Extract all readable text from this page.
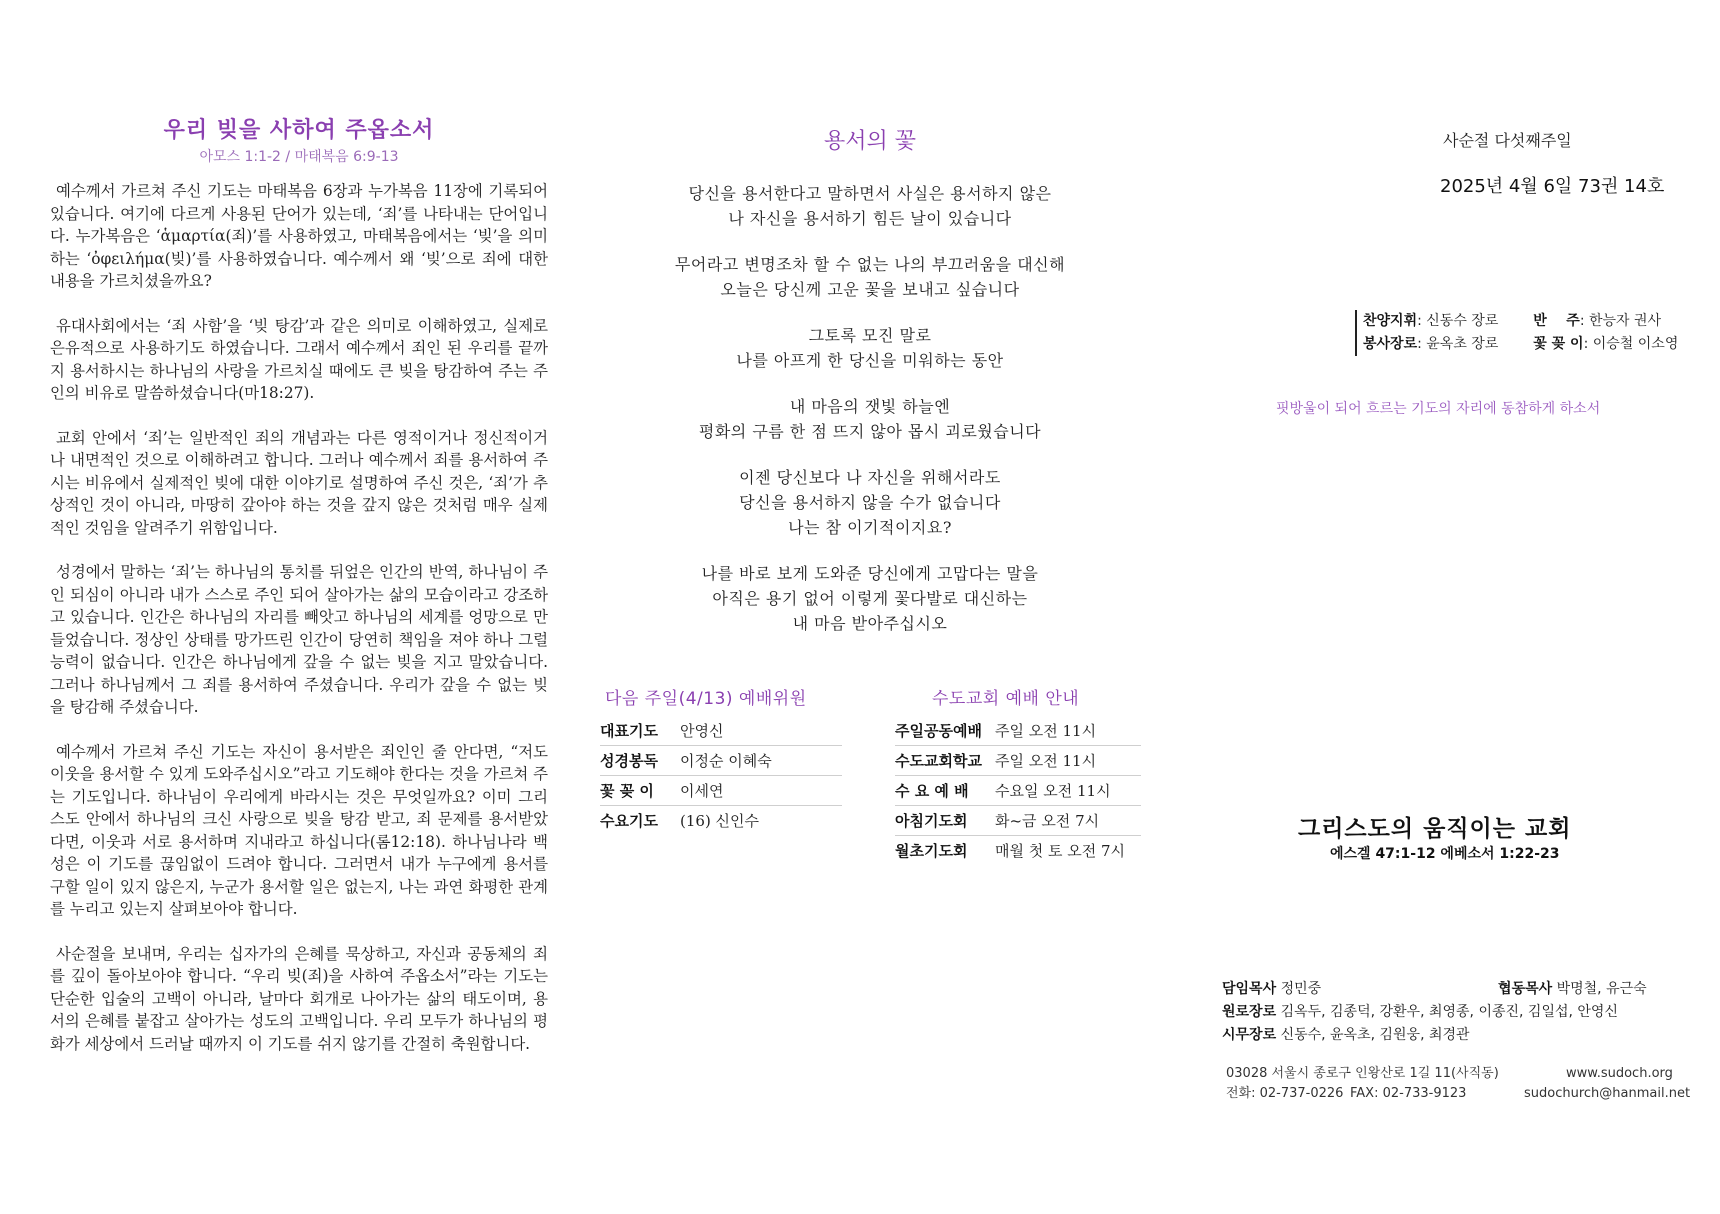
우리 빚을 사하여 주옵소서
아모스 1:1-2 / 마태복음 6:9-13

예수께서 가르쳐 주신 기도는 마태복음 6장과 누가복음 11장에 기록되어 있습니다. 여기에 다르게 사용된 단어가 있는데, ‘죄’를 나타내는 단어입니다. 누가복음은 ‘ἁμαρτία(죄)’를 사용하였고, 마태복음에서는 ‘빚’을 의미하는 ‘ὀφειλήμα(빚)’를 사용하였습니다. 예수께서 왜 ‘빚’으로 죄에 대한 내용을 가르치셨을까요?

유대사회에서는 ‘죄 사함’을 ‘빚 탕감’과 같은 의미로 이해하였고, 실제로 은유적으로 사용하기도 하였습니다. 그래서 예수께서 죄인 된 우리를 끝까지 용서하시는 하나님의 사랑을 가르치실 때에도 큰 빚을 탕감하여 주는 주인의 비유로 말씀하셨습니다(마18:27).

교회 안에서 ‘죄’는 일반적인 죄의 개념과는 다른 영적이거나 정신적이거나 내면적인 것으로 이해하려고 합니다. 그러나 예수께서 죄를 용서하여 주시는 비유에서 실제적인 빚에 대한 이야기로 설명하여 주신 것은, ‘죄’가 추상적인 것이 아니라, 마땅히 갚아야 하는 것을 갚지 않은 것처럼 매우 실제적인 것임을 알려주기 위함입니다.

성경에서 말하는 ‘죄’는 하나님의 통치를 뒤엎은 인간의 반역, 하나님이 주인 되심이 아니라 내가 스스로 주인 되어 살아가는 삶의 모습이라고 강조하고 있습니다. 인간은 하나님의 자리를 빼앗고 하나님의 세계를 엉망으로 만들었습니다. 정상인 상태를 망가뜨린 인간이 당연히 책임을 져야 하나 그럴 능력이 없습니다. 인간은 하나님에게 갚을 수 없는 빚을 지고 말았습니다. 그러나 하나님께서 그 죄를 용서하여 주셨습니다. 우리가 갚을 수 없는 빚을 탕감해 주셨습니다.

예수께서 가르쳐 주신 기도는 자신이 용서받은 죄인인 줄 안다면, “저도 이웃을 용서할 수 있게 도와주십시오”라고 기도해야 한다는 것을 가르쳐 주는 기도입니다. 하나님이 우리에게 바라시는 것은 무엇일까요? 이미 그리스도 안에서 하나님의 크신 사랑으로 빚을 탕감 받고, 죄 문제를 용서받았다면, 이웃과 서로 용서하며 지내라고 하십니다(롬12:18). 하나님나라 백성은 이 기도를 끊임없이 드려야 합니다. 그러면서 내가 누구에게 용서를 구할 일이 있지 않은지, 누군가 용서할 일은 없는지, 나는 과연 화평한 관계를 누리고 있는지 살펴보아야 합니다.

사순절을 보내며, 우리는 십자가의 은혜를 묵상하고, 자신과 공동체의 죄를 깊이 돌아보아야 합니다. “우리 빚(죄)을 사하여 주옵소서”라는 기도는 단순한 입술의 고백이 아니라, 날마다 회개로 나아가는 삶의 태도이며, 용서의 은혜를 붙잡고 살아가는 성도의 고백입니다. 우리 모두가 하나님의 평화가 세상에서 드러날 때까지 이 기도를 쉬지 않기를 간절히 축원합니다.

용서의 꽃
당신을 용서한다고 말하면서 사실은 용서하지 않은
나 자신을 용서하기 힘든 날이 있습니다
무어라고 변명조차 할 수 없는 나의 부끄러움을 대신해
오늘은 당신께 고운 꽃을 보내고 싶습니다
그토록 모진 말로
나를 아프게 한 당신을 미워하는 동안
내 마음의 잿빛 하늘엔
평화의 구름 한 점 뜨지 않아 몹시 괴로웠습니다
이젠 당신보다 나 자신을 위해서라도
당신을 용서하지 않을 수가 없습니다
나는 참 이기적이지요?
나를 바로 보게 도와준 당신에게 고맙다는 말을
아직은 용기 없어 이렇게 꽃다발로 대신하는
내 마음 받아주십시오
다음 주일(4/13) 예배위원
대표기도	안영신
성경봉독	이정순 이혜숙
꽃 꽂 이	이세연
수요기도	(16) 신인수
수도교회 예배 안내
주일공동예배	주일 오전 11시
수도교회학교	주일 오전 11시
수 요 예 배	수요일 오전 11시
아침기도회	화~금 오전 7시
월초기도회	매월 첫 토 오전 7시
사순절 다섯째주일
2025년 4월 6일 73권 14호
찬양지휘: 신동수 장로 반    주: 한능자 권사
봉사장로: 윤옥초 장로 꽃 꽂 이: 이승철 이소영
핏방울이 되어 흐르는 기도의 자리에 동참하게 하소서
그리스도의 움직이는 교회
에스겔 47:1-12 에베소서 1:22-23
담임목사 정민중	협동목사 박명철, 유근숙
원로장로 김옥두, 김종덕, 강환우, 최영종, 이종진, 김일섭, 안영신
시무장로 신동수, 윤옥초, 김원웅, 최경관
03028 서울시 종로구 인왕산로 1길 11(사직동)	www.sudoch.org
전화: 02-737-0226 FAX: 02-733-9123	sudochurch@hanmail.net
